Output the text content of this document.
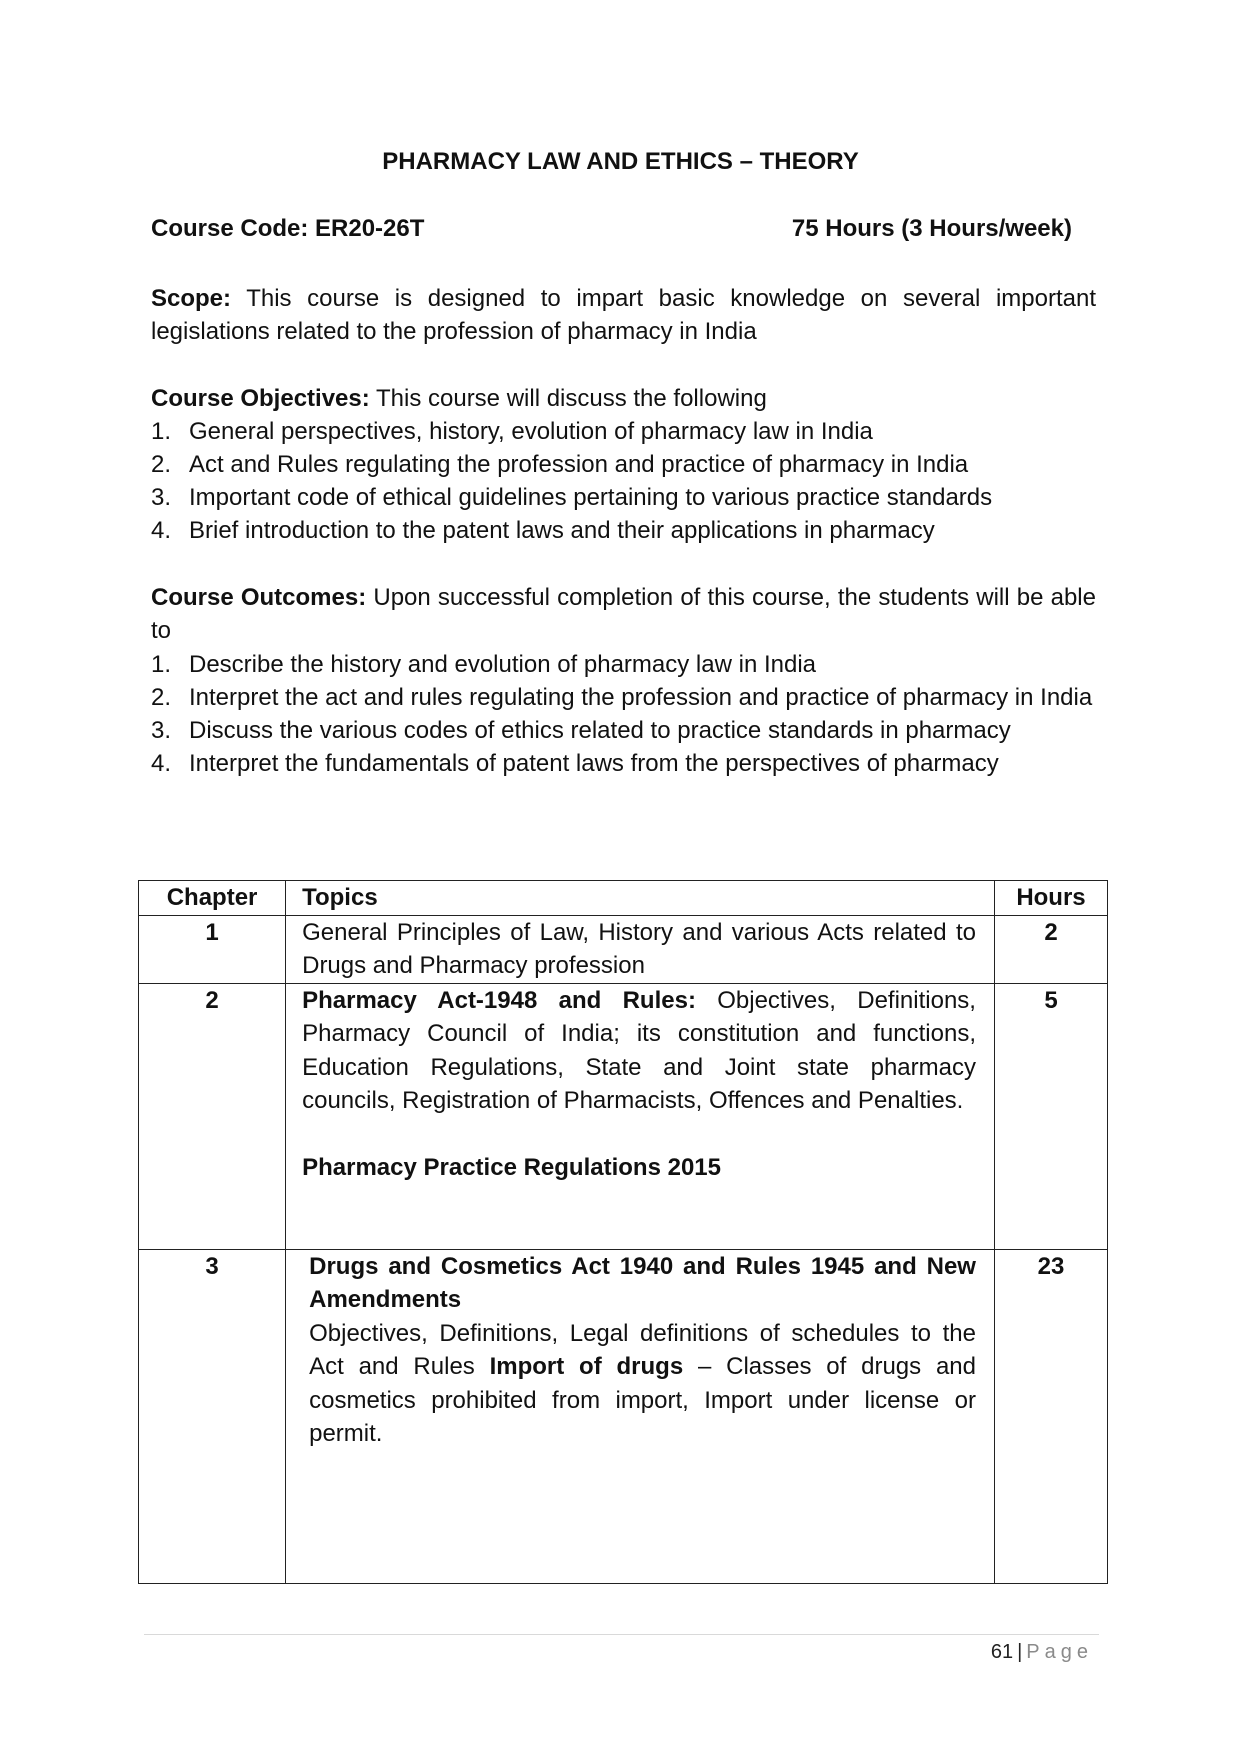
PHARMACY LAW AND ETHICS – THEORY
Course Code: ER20-26T	75 Hours (3 Hours/week)
Scope: This course is designed to impart basic knowledge on several important legislations related to the profession of pharmacy in India
Course Objectives: This course will discuss the following
1. General perspectives, history, evolution of pharmacy law in India
2. Act and Rules regulating the profession and practice of pharmacy in India
3. Important code of ethical guidelines pertaining to various practice standards
4. Brief introduction to the patent laws and their applications in pharmacy
Course Outcomes: Upon successful completion of this course, the students will be able to
1. Describe the history and evolution of pharmacy law in India
2. Interpret the act and rules regulating the profession and practice of pharmacy in India
3. Discuss the various codes of ethics related to practice standards in pharmacy
4. Interpret the fundamentals of patent laws from the perspectives of pharmacy
Chapter	Topics	Hours
1	General Principles of Law, History and various Acts related to Drugs and Pharmacy profession	2
2	Pharmacy Act-1948 and Rules: Objectives, Definitions, Pharmacy Council of India; its constitution and functions, Education Regulations, State and Joint state pharmacy councils, Registration of Pharmacists, Offences and Penalties.
Pharmacy Practice Regulations 2015	5
3	Drugs and Cosmetics Act 1940 and Rules 1945 and New Amendments
Objectives, Definitions, Legal definitions of schedules to the Act and Rules Import of drugs – Classes of drugs and cosmetics prohibited from import, Import under license or permit.	23
61 | Page
